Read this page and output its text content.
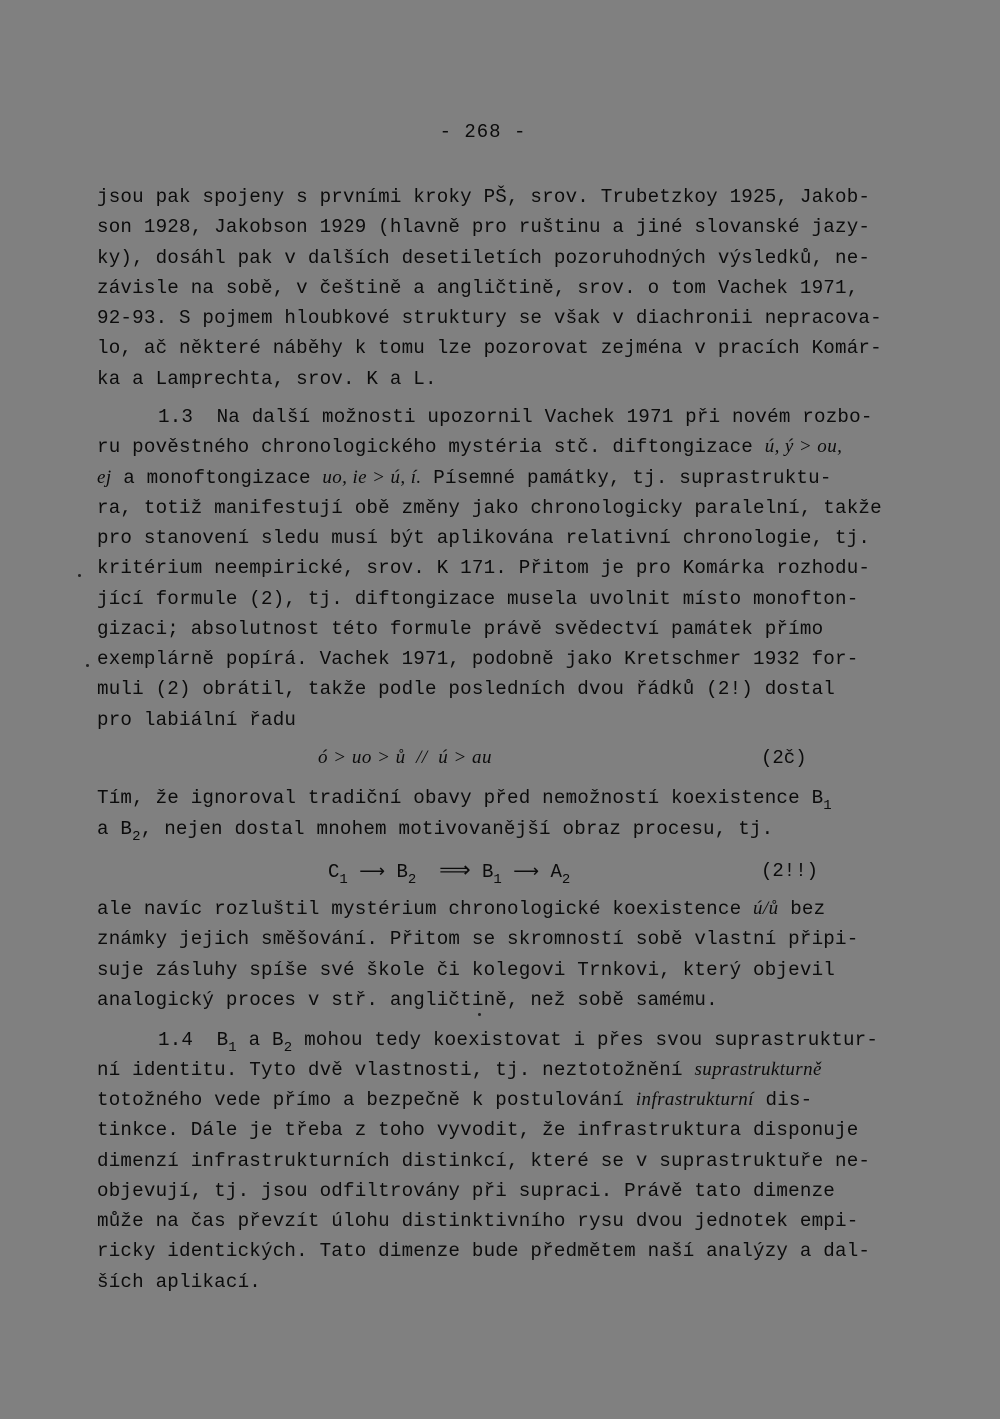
- 268 -
jsou pak spojeny s prvními kroky PŠ, srov. Trubetzkoy 1925, Jakob-
son 1928, Jakobson 1929 (hlavně pro ruštinu a jiné slovanské jazy-
ky), dosáhl pak v dalších desetiletích pozoruhodných výsledků, ne-
závisle na sobě, v češtině a angličtině, srov. o tom Vachek 1971,
92-93. S pojmem hloubkové struktury se však v diachronii nepracova-
lo, ač některé náběhy k tomu lze pozorovat zejména v pracích Komár-
ka a Lamprechta, srov. K a L.
1.3  Na další možnosti upozornil Vachek 1971 při novém rozbo-
ru pověstného chronologického mystéria stč. diftongizace ú, ý > ou,
ej a monoftongizace uo, ie > ú, í. Písemné památky, tj. suprastruktu-
ra, totiž manifestují obě změny jako chronologicky paralelní, takže
pro stanovení sledu musí být aplikována relativní chronologie, tj.
kritérium neempirické, srov. K 171. Přitom je pro Komárka rozhodu-
jící formule (2), tj. diftongizace musela uvolnit místo monofton-
gizaci; absolutnost této formule právě svědectví památek přímo
exemplárně popírá. Vachek 1971, podobně jako Kretschmer 1932 for-
muli (2) obrátil, takže podle posledních dvou řádků (2!) dostal
pro labiální řadu
ó > uo > ů  //  ú > au	(2č)
Tím, že ignoroval tradiční obavy před nemožností koexistence $B_1$
a $B_2$, nejen dostal mnohem motivovanější obraz procesu, tj.
$C_1$ ⟶ $B_2$ ⟹ $B_1$ ⟶ $A_2$	(2!!)
ale navíc rozluštil mystérium chronologické koexistence ú/ů bez
známky jejich směšování. Přitom se skromností sobě vlastní připi-
suje zásluhy spíše své škole či kolegovi Trnkovi, který objevil
analogický proces v stř. angličtině, než sobě samému.
1.4  $B_1$ a $B_2$ mohou tedy koexistovat i přes svou suprastruktur-
ní identitu. Tyto dvě vlastnosti, tj. neztotožnění suprastrukturně
totožného vede přímo a bezpečně k postulování infrastrukturní dis-
tinkce. Dále je třeba z toho vyvodit, že infrastruktura disponuje
dimenzí infrastrukturních distinkcí, které se v suprastruktuře ne-
objevují, tj. jsou odfiltrovány při supraci. Právě tato dimenze
může na čas převzít úlohu distinktivního rysu dvou jednotek empi-
ricky identických. Tato dimenze bude předmětem naší analýzy a dal-
ších aplikací.
